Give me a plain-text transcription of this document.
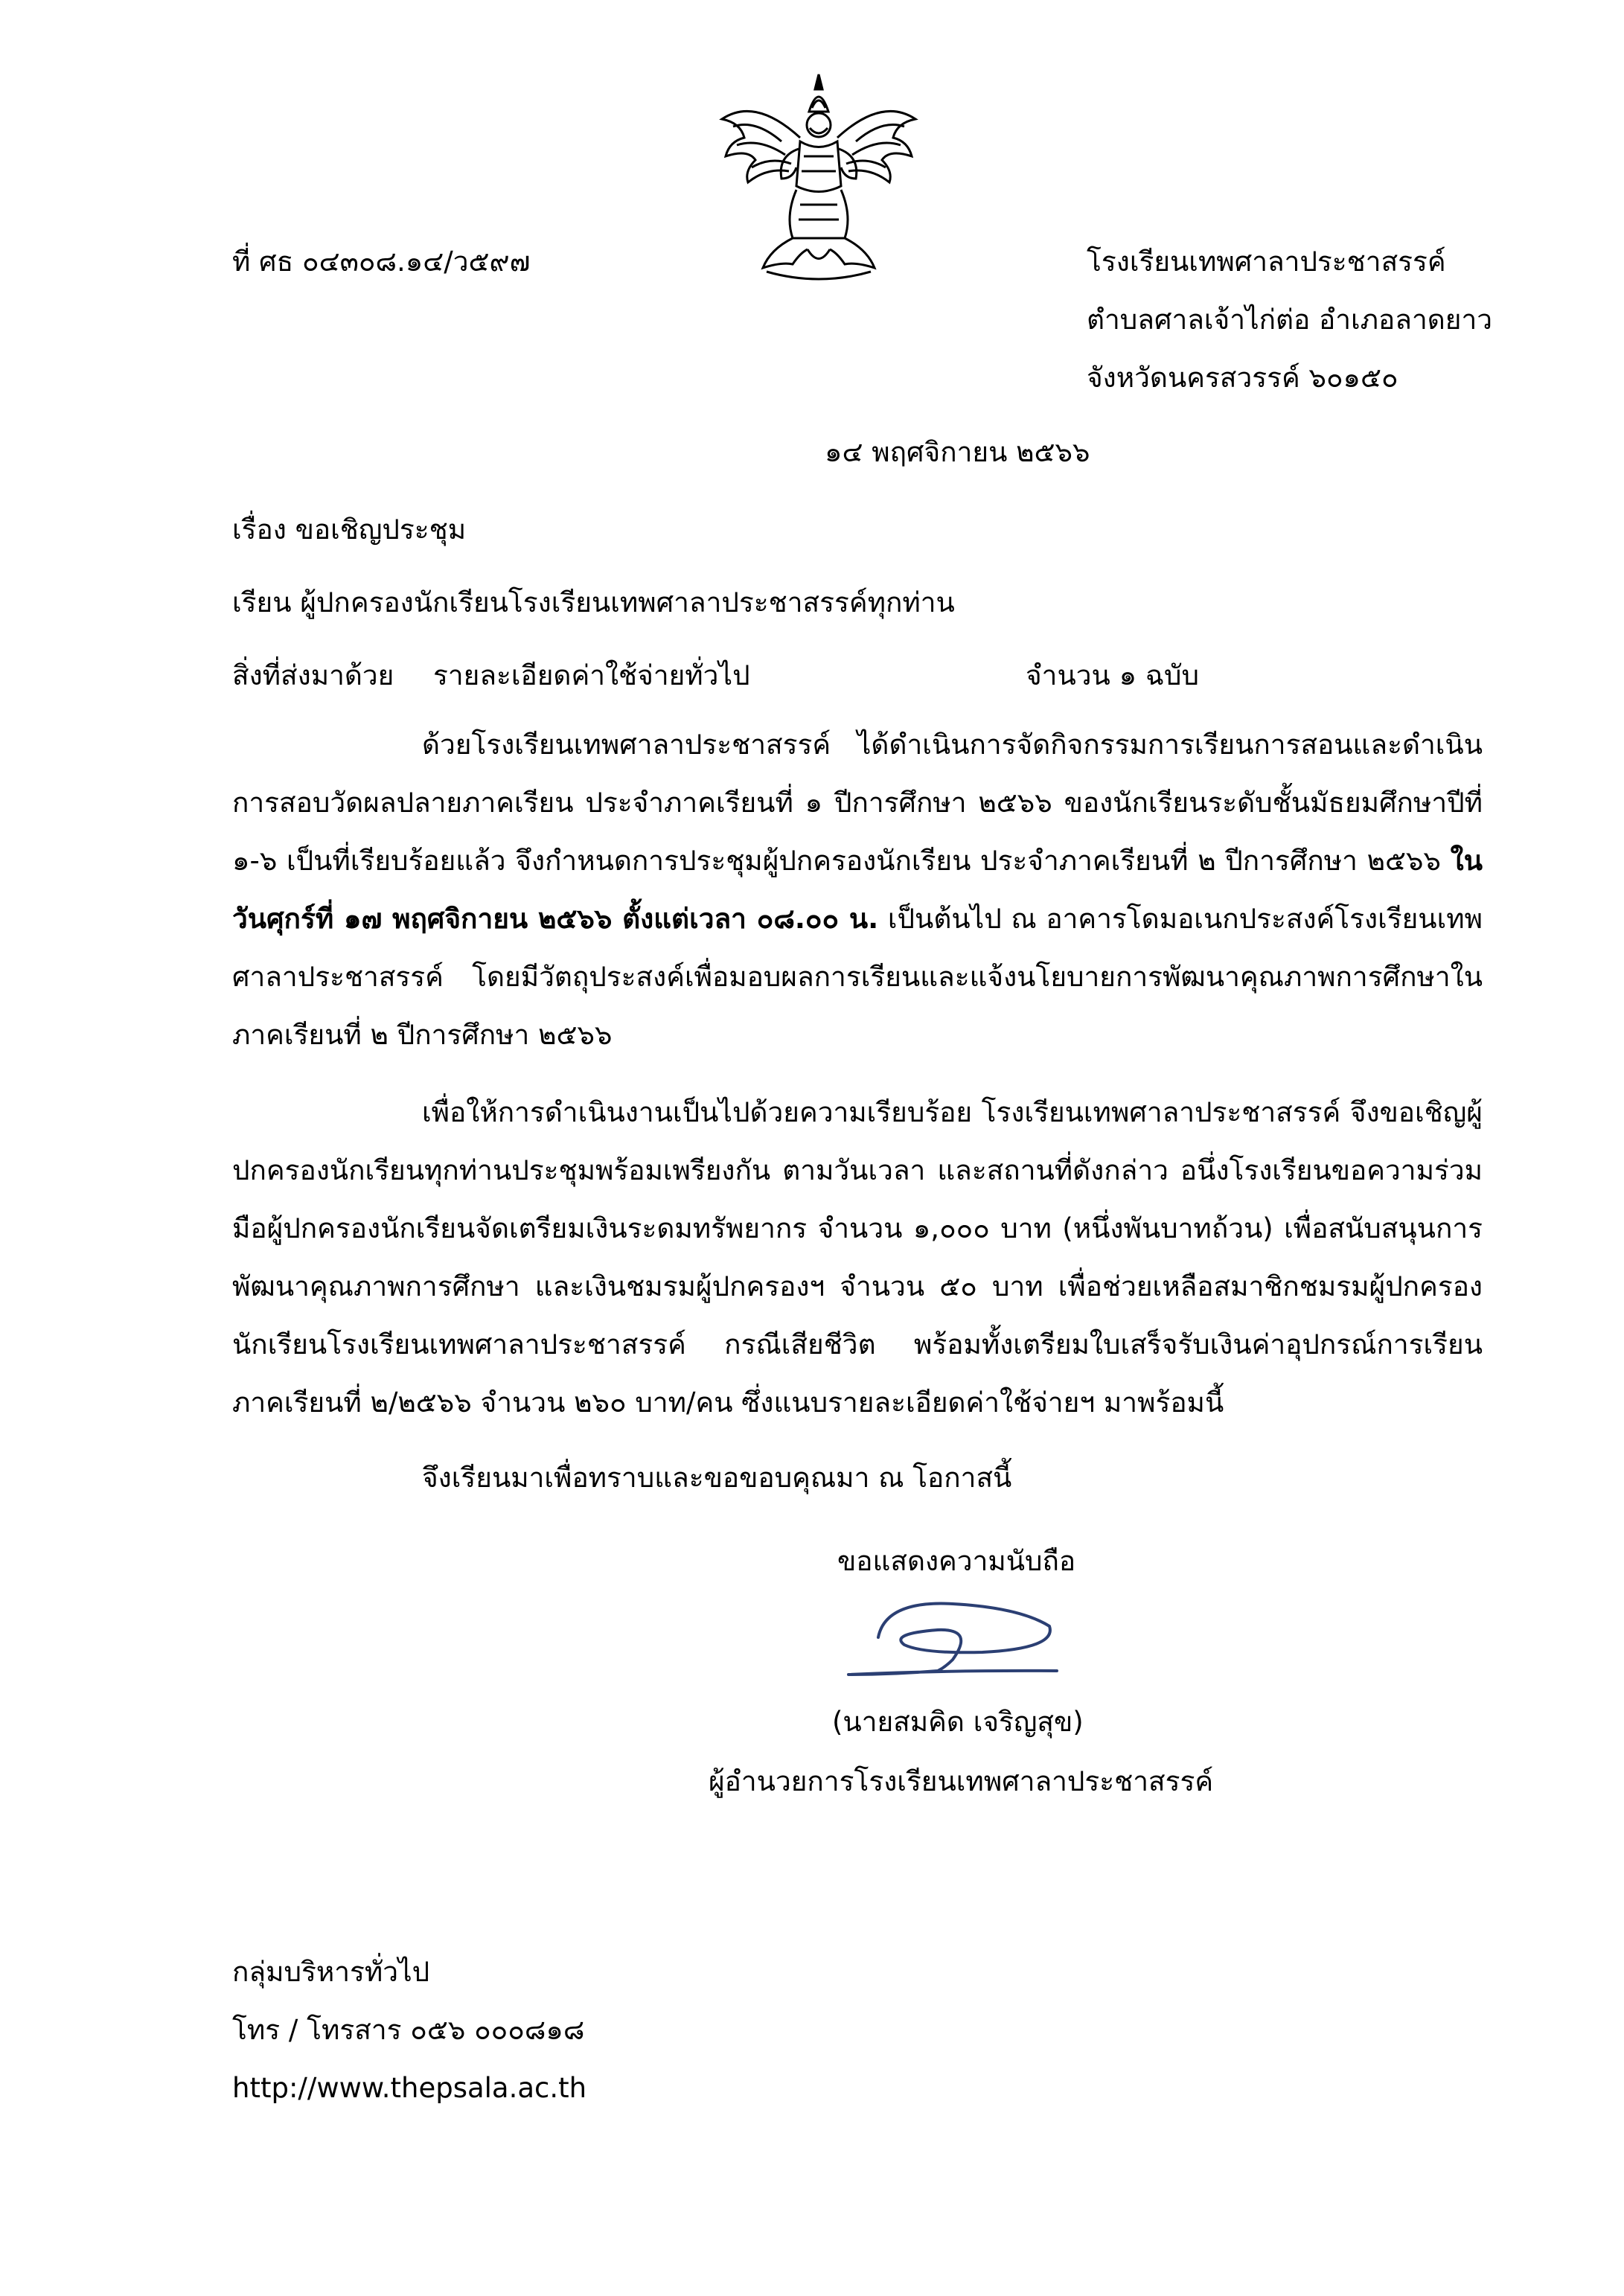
ที่ ศธ ๐๔๓๐๘.๑๔/ว๕๙๗	โรงเรียนเทพศาลาประชาสรรค์
ตำบลศาลเจ้าไก่ต่อ อำเภอลาดยาว
จังหวัดนครสวรรค์ ๖๐๑๕๐
๑๔ พฤศจิกายน ๒๕๖๖
เรื่อง ขอเชิญประชุม
เรียน ผู้ปกครองนักเรียนโรงเรียนเทพศาลาประชาสรรค์ทุกท่าน
สิ่งที่ส่งมาด้วย รายละเอียดค่าใช้จ่ายทั่วไป	จำนวน ๑ ฉบับ
ด้วยโรงเรียนเทพศาลาประชาสรรค์ ได้ดำเนินการจัดกิจกรรมการเรียนการสอนและดำเนินการสอบวัดผลปลายภาคเรียน ประจำภาคเรียนที่ ๑ ปีการศึกษา ๒๕๖๖ ของนักเรียนระดับชั้นมัธยมศึกษาปีที่ ๑-๖ เป็นที่เรียบร้อยแล้ว จึงกำหนดการประชุมผู้ปกครองนักเรียน ประจำภาคเรียนที่ ๒ ปีการศึกษา ๒๕๖๖ ในวันศุกร์ที่ ๑๗ พฤศจิกายน ๒๕๖๖ ตั้งแต่เวลา ๐๘.๐๐ น. เป็นต้นไป ณ อาคารโดมอเนกประสงค์โรงเรียนเทพศาลาประชาสรรค์ โดยมีวัตถุประสงค์เพื่อมอบผลการเรียนและแจ้งนโยบายการพัฒนาคุณภาพการศึกษาในภาคเรียนที่ ๒ ปีการศึกษา ๒๕๖๖
เพื่อให้การดำเนินงานเป็นไปด้วยความเรียบร้อย โรงเรียนเทพศาลาประชาสรรค์ จึงขอเชิญผู้ปกครองนักเรียนทุกท่านประชุมพร้อมเพรียงกัน ตามวันเวลา และสถานที่ดังกล่าว อนึ่งโรงเรียนขอความร่วมมือผู้ปกครองนักเรียนจัดเตรียมเงินระดมทรัพยากร จำนวน ๑,๐๐๐ บาท (หนึ่งพันบาทถ้วน) เพื่อสนับสนุนการพัฒนาคุณภาพการศึกษา และเงินชมรมผู้ปกครองฯ จำนวน ๕๐ บาท เพื่อช่วยเหลือสมาชิกชมรมผู้ปกครองนักเรียนโรงเรียนเทพศาลาประชาสรรค์ กรณีเสียชีวิต พร้อมทั้งเตรียมใบเสร็จรับเงินค่าอุปกรณ์การเรียน ภาคเรียนที่ ๒/๒๕๖๖ จำนวน ๒๖๐ บาท/คน ซึ่งแนบรายละเอียดค่าใช้จ่ายฯ มาพร้อมนี้
จึงเรียนมาเพื่อทราบและขอขอบคุณมา ณ โอกาสนี้
ขอแสดงความนับถือ
(นายสมคิด เจริญสุข)
ผู้อำนวยการโรงเรียนเทพศาลาประชาสรรค์
กลุ่มบริหารทั่วไป
โทร / โทรสาร ๐๕๖ ๐๐๐๘๑๘
http://www.thepsala.ac.th
